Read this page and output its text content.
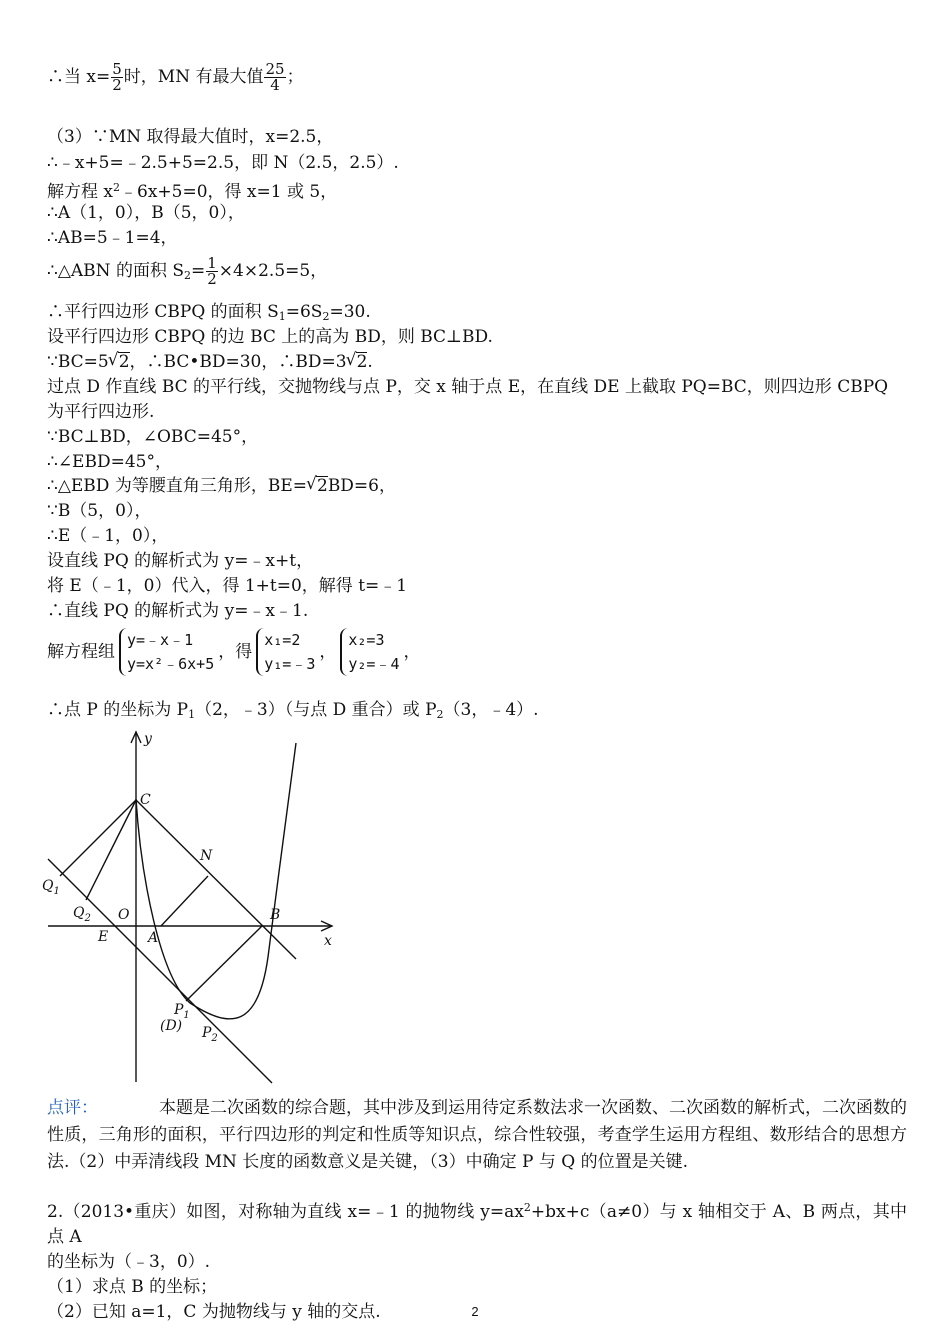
∴当 $x= \frac{5}{2}$ 时，MN 有最大值 $\frac{25}{4}$ ；
（3）∵MN 取得最大值时，x=2.5，
∴﹣x+5=﹣2.5+5=2.5，即 N（2.5，2.5）.
解方程 $x^2﹣6x+5=0$，得 x=1 或 5，
∴A（1，0），B（5，0），
∴AB=5﹣1=4，
∴△ABN 的面积 $S_2= \frac{1}{2} \times 4\times 2.5=5$，
∴平行四边形 CBPQ 的面积 $S_1=6S_2=30$.
设平行四边形 CBPQ 的边 BC 上的高为 BD，则 BC⊥BD.
∵BC=5 √ 2，∴BC•BD=30，∴BD=3 √ 2.
过点 D 作直线 BC 的平行线，交抛物线与点 P，交 x 轴于点 E，在直线 DE 上截取 PQ=BC，则四边形 CBPQ
为平行四边形.
∵BC⊥BD，∠OBC=45°，
∴∠EBD=45°，
∴△EBD 为等腰直角三角形，BE= √ 2BD=6，
∵B（5，0），
∴E（﹣1，0），
设直线 PQ 的解析式为 y=﹣x+t，
将 E（﹣1，0）代入，得 1+t=0，解得 t=﹣1
∴直线 PQ 的解析式为 y=﹣x﹣1.
解方程组
y=﹣x﹣1
y=x²﹣6x+5
，得
x₁=2
y₁=﹣3
，
x₂=3
y₂=﹣4
，
∴点 P 的坐标为 $P_1(2$，﹣3）（与点 D 重合）或 $P_2(3$，﹣4）.
y
x
C
N
$Q_1$
$Q_2$ O
E	A
B
$P_1$
(D) $P_2$
点评：	本题是二次函数的综合题，其中涉及到运用待定系数法求一次函数、二次函数的解析式，二次函数的性质，三角形的面积，平行四边形的判定和性质等知识点，综合性较强，考查学生运用方程组、数形结合的思想方法.（2）中弄清线段 MN 长度的函数意义是关键，（3）中确定 P 与 Q 的位置是关键.
2.（2013•重庆）如图，对称轴为直线 x=﹣1 的抛物线 $y=ax^2+bx+c(a\ne 0)$与 x 轴相交于 A、B 两点，其中点 A
的坐标为（﹣3，0）.
（1）求点 B 的坐标；
（2）已知 a=1，C 为抛物线与 y 轴的交点.	2
